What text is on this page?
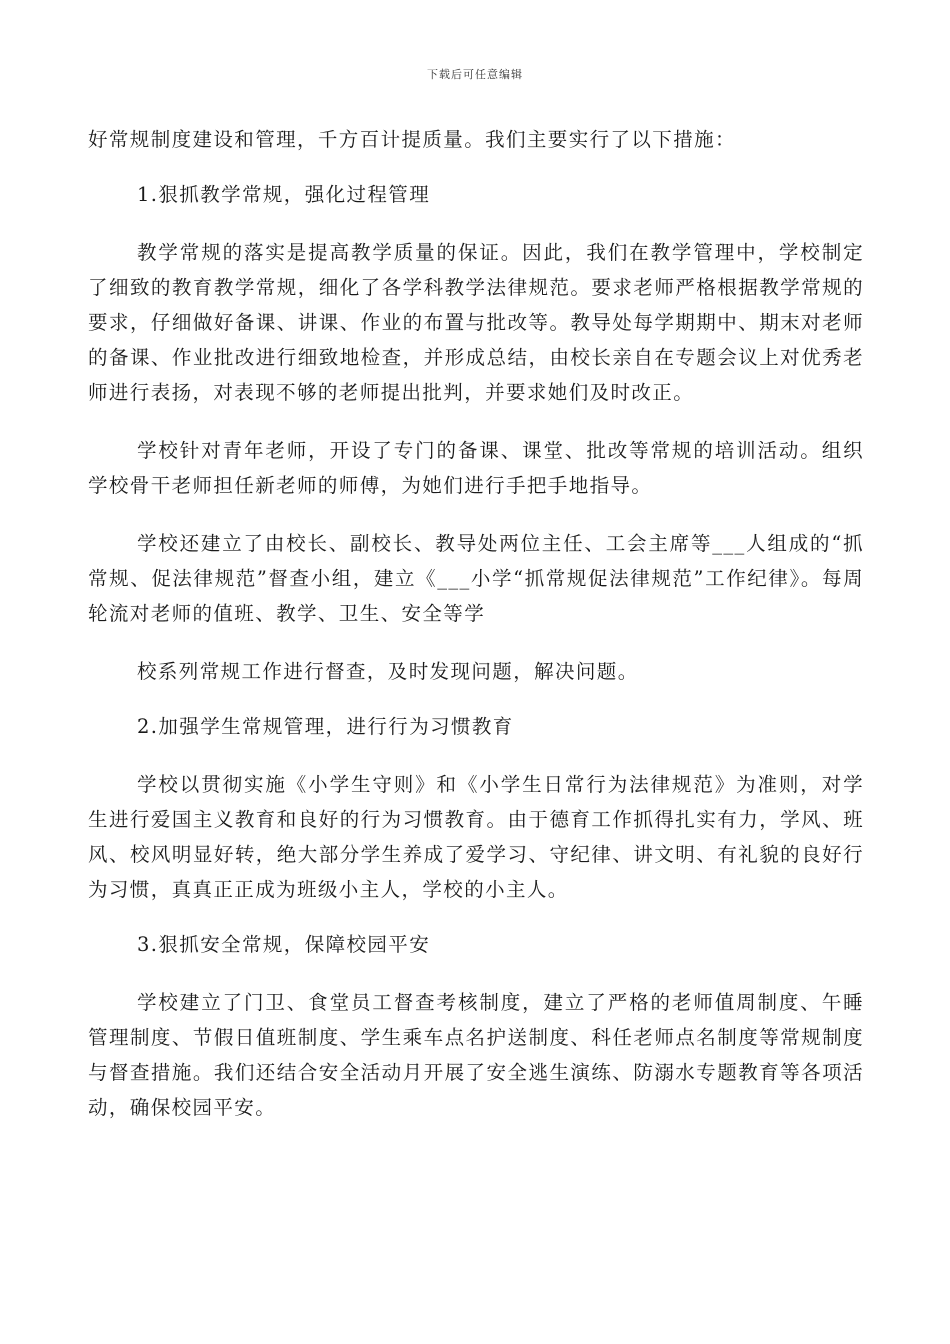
下载后可任意编辑

好常规制度建设和管理，千方百计提质量。我们主要实行了以下措施：

1.狠抓教学常规，强化过程管理

教学常规的落实是提高教学质量的保证。因此，我们在教学管理中，学校制定了细致的教育教学常规，细化了各学科教学法律规范。要求老师严格根据教学常规的要求，仔细做好备课、讲课、作业的布置与批改等。教导处每学期期中、期末对老师的备课、作业批改进行细致地检查，并形成总结，由校长亲自在专题会议上对优秀老师进行表扬，对表现不够的老师提出批判，并要求她们及时改正。

学校针对青年老师，开设了专门的备课、课堂、批改等常规的培训活动。组织学校骨干老师担任新老师的师傅，为她们进行手把手地指导。

学校还建立了由校长、副校长、教导处两位主任、工会主席等___人组成的“抓常规、促法律规范”督查小组，建立《___小学“抓常规促法律规范”工作纪律》。每周轮流对老师的值班、教学、卫生、安全等学

校系列常规工作进行督查，及时发现问题，解决问题。

2.加强学生常规管理，进行行为习惯教育

学校以贯彻实施《小学生守则》和《小学生日常行为法律规范》为准则，对学生进行爱国主义教育和良好的行为习惯教育。由于德育工作抓得扎实有力，学风、班风、校风明显好转，绝大部分学生养成了爱学习、守纪律、讲文明、有礼貌的良好行为习惯，真真正正成为班级小主人，学校的小主人。

3.狠抓安全常规，保障校园平安

学校建立了门卫、食堂员工督查考核制度，建立了严格的老师值周制度、午睡管理制度、节假日值班制度、学生乘车点名护送制度、科任老师点名制度等常规制度与督查措施。我们还结合安全活动月开展了安全逃生演练、防溺水专题教育等各项活动，确保校园平安。
